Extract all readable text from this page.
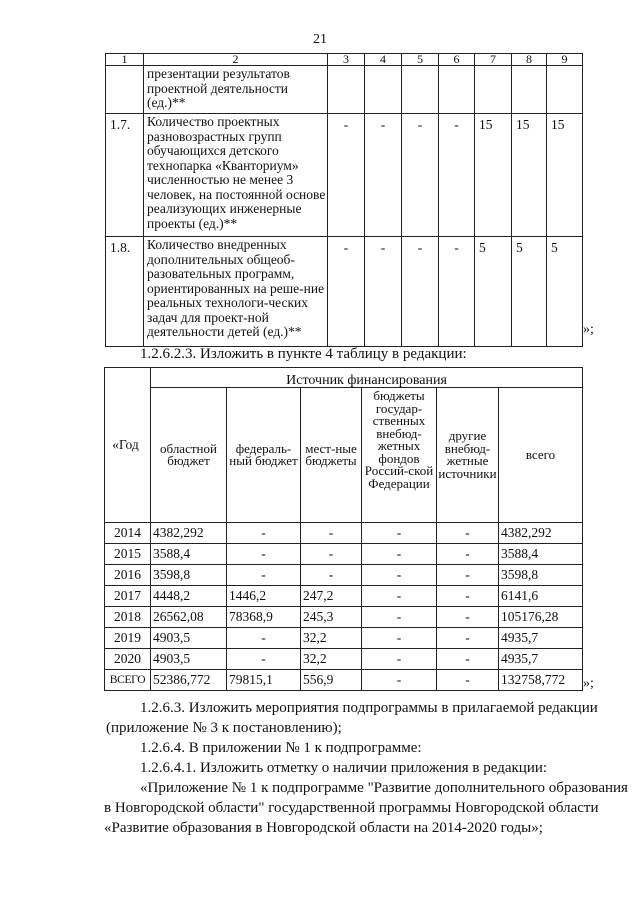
21
1	2	3	4	5	6	7	8	9
	презентации результатов проектной деятельности (ед.)**							
1.7.	Количество проектных разновозрастных групп обучающихся детского технопарка «Кванториум» численностью не менее 3 человек, на постоянной основе реализующих инженерные проекты (ед.)**	-	-	-	-	15	15	15
1.8.	Количество внедренных дополнительных общеоб-разовательных программ, ориентированных на реше-ние реальных технологи-ческих задач для проект-ной деятельности детей (ед.)**	-	-	-	-	5	5	5
»;
1.2.6.2.3. Изложить в пункте 4 таблицу в редакции:
«Год	Источник финансирования					
	областной бюджет	федераль-ный бюджет	мест-ные бюджеты	бюджеты государ-ственных внебюд-жетных фондов Россий-ской Федерации	другие внебюд-жетные источники	всего
2014	4382,292	-	-	-	-	4382,292
2015	3588,4	-	-	-	-	3588,4
2016	3598,8	-	-	-	-	3598,8
2017	4448,2	1446,2	247,2	-	-	6141,6
2018	26562,08	78368,9	245,3	-	-	105176,28
2019	4903,5	-	32,2	-	-	4935,7
2020	4903,5	-	32,2	-	-	4935,7
ВСЕГО	52386,772	79815,1	556,9	-	-	132758,772 »;
1.2.6.3. Изложить мероприятия подпрограммы в прилагаемой редакции
(приложение № 3 к постановлению);
1.2.6.4. В приложении № 1 к подпрограмме:
1.2.6.4.1. Изложить отметку о наличии приложения в редакции:
«Приложение № 1 к подпрограмме "Развитие дополнительного образования
в Новгородской области" государственной программы Новгородской области
«Развитие образования в Новгородской области на 2014-2020 годы»;
